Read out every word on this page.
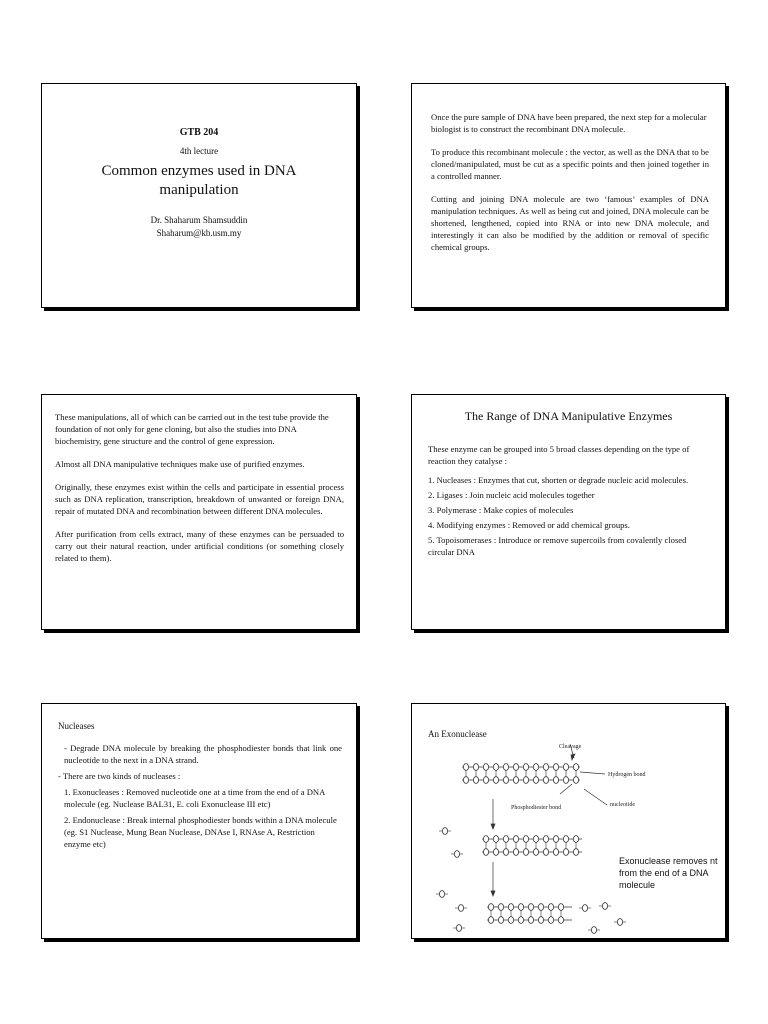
GTB 204
4th lecture
Common enzymes used in DNA manipulation
Dr. Shaharum Shamsuddin
Shaharum@kb.usm.my

Once the pure sample of DNA have been prepared, the next step for a molecular biologist is to construct the recombinant DNA molecule.

To produce this recombinant molecule : the vector, as well as the DNA that to be cloned/manipulated, must be cut as a specific points and then joined together in a controlled manner.

Cutting and joining DNA molecule are two ‘famous’ examples of DNA manipulation techniques. As well as being cut and joined, DNA molecule can be shortened, lengthened, copied into RNA or into new DNA molecule, and interestingly it can also be modified by the addition or removal of specific chemical groups.

These manipulations, all of which can be carried out in the test tube provide the foundation of not only for gene cloning, but also the studies into DNA biochemistry, gene structure and the control of gene expression.

Almost all DNA manipulative techniques make use of purified enzymes.

Originally, these enzymes exist within the cells and participate in essential process such as DNA replication, transcription, breakdown of unwanted or foreign DNA, repair of mutated DNA and recombination between different DNA molecules.

After purification from cells extract, many of these enzymes can be persuaded to carry out their natural reaction, under artificial conditions (or something closely related to them).

The Range of DNA Manipulative Enzymes

These enzyme can be grouped into 5 broad classes depending on the type of reaction they catalyse :

1. Nucleases : Enzymes that cut, shorten or degrade nucleic acid molecules.

2. Ligases : Join nucleic acid molecules together

3. Polymerase : Make copies of molecules

4. Modifying enzymes : Removed or add chemical groups.

5. Topoisomerases : Introduce or remove supercoils from covalently closed circular DNA

Nucleases

- Degrade DNA molecule by breaking the phosphodiester bonds that link one nucleotide to the next in a DNA strand.

- There are two kinds of nucleases :

1. Exonucleases : Removed nucleotide one at a time from the end of a DNA molecule (eg. Nuclease BAL31, E. coli Exonuclease III etc)

2. Endonuclease : Break internal phosphodiester bonds within a DNA molecule (eg. S1 Nuclease, Mung Bean Nuclease, DNAse I, RNAse A, Restriction enzyme etc)

An Exonuclease
Cleavage
Hydrogen bond
Phosphodiester bond	nucleotide
Exonuclease removes nt from the end of a DNA molecule
